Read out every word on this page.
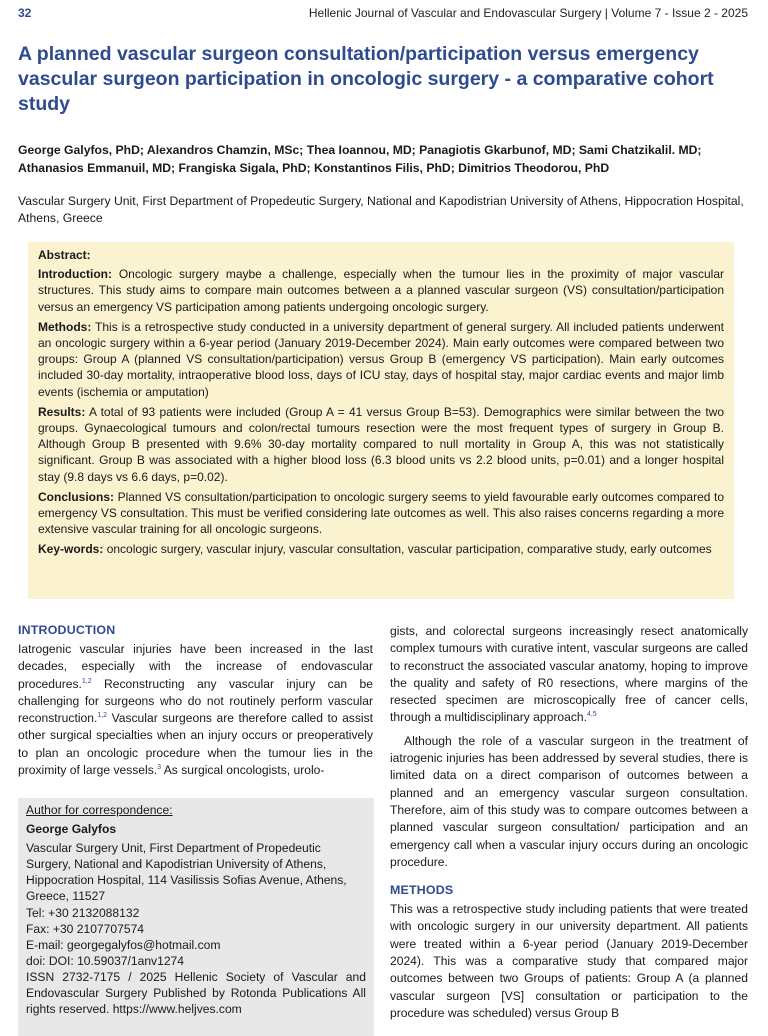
32	Hellenic Journal of Vascular and Endovascular Surgery | Volume 7 - Issue 2 - 2025
A planned vascular surgeon consultation/participation versus emergency vascular surgeon participation in oncologic surgery - a comparative cohort study

George Galyfos, PhD; Alexandros Chamzin, MSc; Thea Ioannou, MD; Panagiotis Gkarbunof, MD; Sami Chatzikalil. MD; Athanasios Emmanuil, MD; Frangiska Sigala, PhD; Konstantinos Filis, PhD; Dimitrios Theodorou, PhD

Vascular Surgery Unit, First Department of Propedeutic Surgery, National and Kapodistrian University of Athens, Hippocration Hospital, Athens, Greece

Abstract:

Introduction: Oncologic surgery maybe a challenge, especially when the tumour lies in the proximity of major vascular structures. This study aims to compare main outcomes between a a planned vascular surgeon (VS) consultation/participation versus an emergency VS participation among patients undergoing oncologic surgery.

Methods: This is a retrospective study conducted in a university department of general surgery. All included patients underwent an oncologic surgery within a 6-year period (January 2019-December 2024). Main early outcomes were compared between two groups: Group A (planned VS consultation/participation) versus Group B (emergency VS participation). Main early outcomes included 30-day mortality, intraoperative blood loss, days of ICU stay, days of hospital stay, major cardiac events and major limb events (ischemia or amputation)

Results: A total of 93 patients were included (Group A = 41 versus Group B=53). Demographics were similar between the two groups. Gynaecological tumours and colon/rectal tumours resection were the most frequent types of surgery in Group B. Although Group B presented with 9.6% 30-day mortality compared to null mortality in Group A, this was not statistically significant. Group B was associated with a higher blood loss (6.3 blood units vs 2.2 blood units, p=0.01) and a longer hospital stay (9.8 days vs 6.6 days, p=0.02).

Conclusions: Planned VS consultation/participation to oncologic surgery seems to yield favourable early outcomes compared to emergency VS consultation. This must be verified considering late outcomes as well. This also raises concerns regarding a more extensive vascular training for all oncologic surgeons.

Key-words: oncologic surgery, vascular injury, vascular consultation, vascular participation, comparative study, early outcomes

INTRODUCTION

Iatrogenic vascular injuries have been increased in the last decades, especially with the increase of endovascular procedures.$^{1,2}$ Reconstructing any vascular injury can be challenging for surgeons who do not routinely perform vascular reconstruction.$^{1,2}$ Vascular surgeons are therefore called to assist other surgical specialties when an injury occurs or preoperatively to plan an oncologic procedure when the tumour lies in the proximity of large vessels.$^3$ As surgical oncologists, urolo-

Author for correspondence:

George Galyfos

Vascular Surgery Unit, First Department of Propedeutic Surgery, National and Kapodistrian University of Athens, Hippocration Hospital, 114 Vasilissis Sofias Avenue, Athens, Greece, 11527

Tel: +30 2132088132

Fax: +30 2107707574

E-mail: georgegalyfos@hotmail.com

doi: DOI: 10.59037/1anv1274

ISSN 2732-7175 / 2025 Hellenic Society of Vascular and Endovascular Surgery Published by Rotonda Publications All rights reserved. https://www.heljves.com

gists, and colorectal surgeons increasingly resect anatomically complex tumours with curative intent, vascular surgeons are called to reconstruct the associated vascular anatomy, hoping to improve the quality and safety of R0 resections, where margins of the resected specimen are microscopically free of cancer cells, through a multidisciplinary approach.$^{4,5}$

Although the role of a vascular surgeon in the treatment of iatrogenic injuries has been addressed by several studies, there is limited data on a direct comparison of outcomes between a planned and an emergency vascular surgeon consultation. Therefore, aim of this study was to compare outcomes between a planned vascular surgeon consultation/ participation and an emergency call when a vascular injury occurs during an oncologic procedure.

METHODS

This was a retrospective study including patients that were treated with oncologic surgery in our university department. All patients were treated within a 6-year period (January 2019-December 2024). This was a comparative study that compared major outcomes between two Groups of patients: Group A (a planned vascular surgeon [VS] consultation or participation to the procedure was scheduled) versus Group B
